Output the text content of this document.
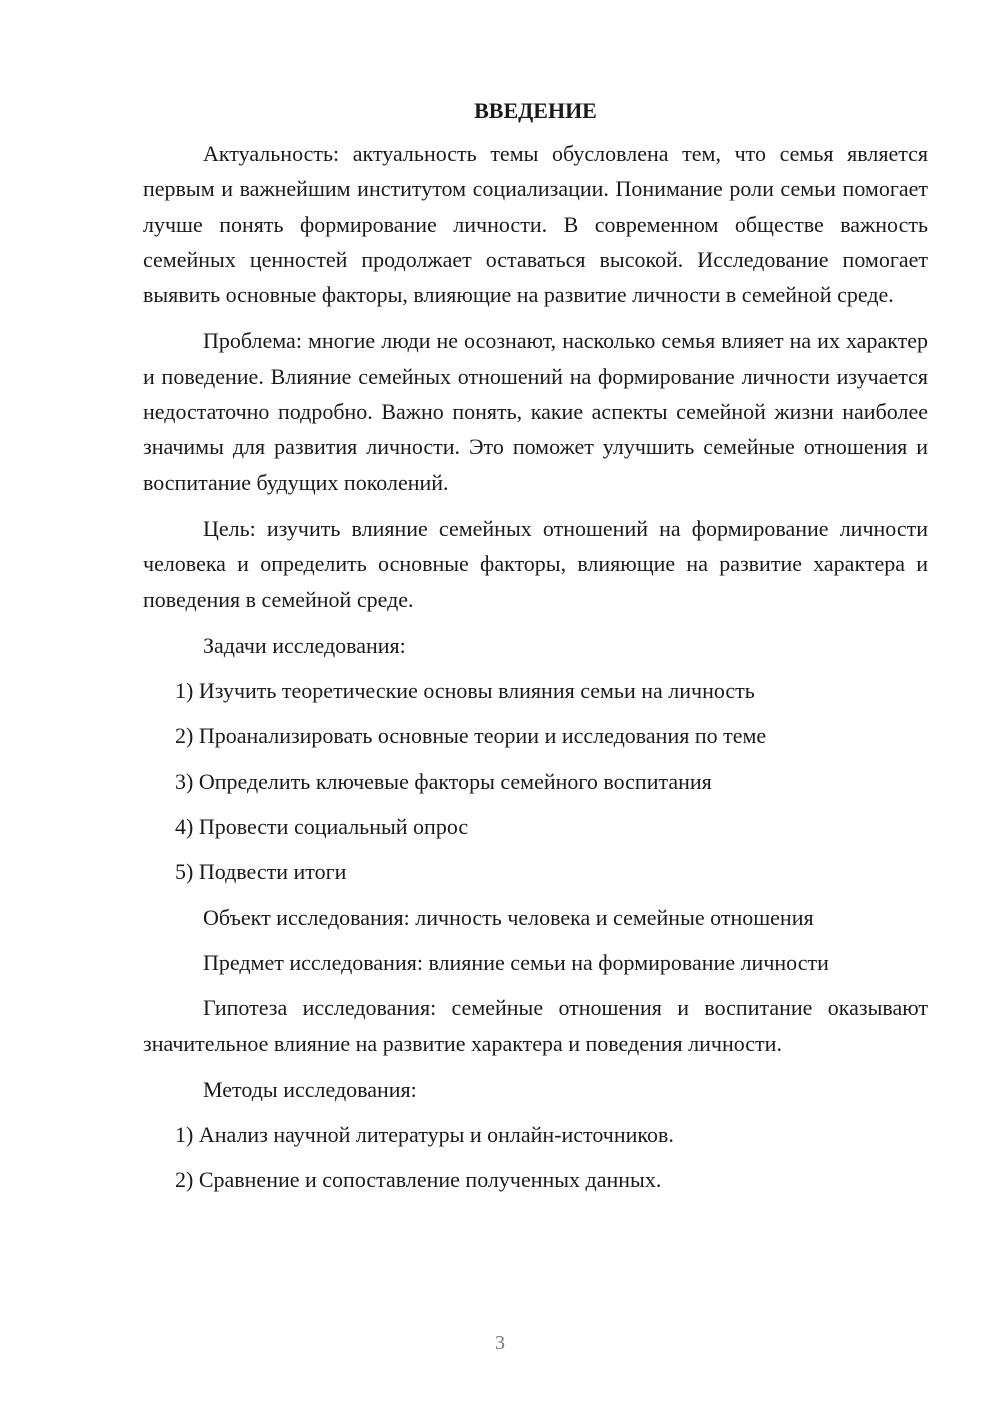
ВВЕДЕНИЕ

Актуальность: актуальность темы обусловлена тем, что семья является первым и важнейшим институтом социализации. Понимание роли семьи помогает лучше понять формирование личности. В современном обществе важность семейных ценностей продолжает оставаться высокой. Исследование помогает выявить основные факторы, влияющие на развитие личности в семейной среде.

Проблема: многие люди не осознают, насколько семья влияет на их характер и поведение. Влияние семейных отношений на формирование личности изучается недостаточно подробно. Важно понять, какие аспекты семейной жизни наиболее значимы для развития личности. Это поможет улучшить семейные отношения и воспитание будущих поколений.

Цель: изучить влияние семейных отношений на формирование личности человека и определить основные факторы, влияющие на развитие характера и поведения в семейной среде.

Задачи исследования:

1) Изучить теоретические основы влияния семьи на личность

2) Проанализировать основные теории и исследования по теме

3) Определить ключевые факторы семейного воспитания

4) Провести социальный опрос

5) Подвести итоги

Объект исследования: личность человека и семейные отношения

Предмет исследования: влияние семьи на формирование личности

Гипотеза исследования: семейные отношения и воспитание оказывают значительное влияние на развитие характера и поведения личности.

Методы исследования:

1) Анализ научной литературы и онлайн-источников.

2) Сравнение и сопоставление полученных данных.

3
